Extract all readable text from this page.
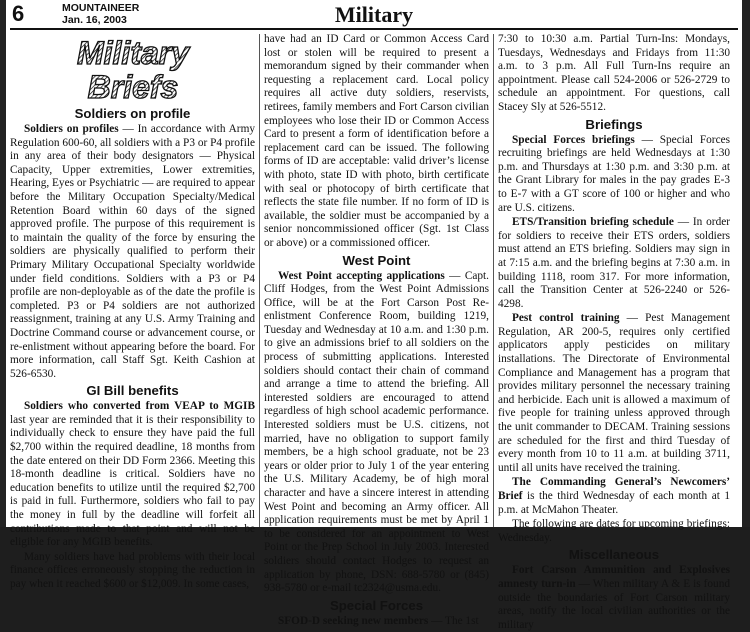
6	MOUNTAINEER
Jan. 16, 2003	Military
Military
Briefs
Soldiers on profile

Soldiers on profiles — In accordance with Army Regulation 600-60, all soldiers with a P3 or P4 profile in any area of their body designators — Physical Capacity, Upper extremities, Lower extremities, Hearing, Eyes or Psychiatric — are required to appear before the Military Occupation Specialty/Medical Retention Board within 60 days of the signed approved profile. The purpose of this requirement is to maintain the quality of the force by ensuring the soldiers are physically qualified to perform their Primary Military Occupational Specialty worldwide under field conditions. Soldiers with a P3 or P4 profile are non-deployable as of the date the profile is completed. P3 or P4 soldiers are not authorized reassignment, training at any U.S. Army Training and Doctrine Command course or advancement course, or re-enlistment without appearing before the board. For more information, call Staff Sgt. Keith Cashion at 526-6530.

GI Bill benefits

Soldiers who converted from VEAP to MGIB last year are reminded that it is their responsibility to individually check to ensure they have paid the full $2,700 within the required deadline, 18 months from the date entered on their DD Form 2366. Meeting this 18-month deadline is critical. Soldiers have no education benefits to utilize until the required $2,700 is paid in full. Furthermore, soldiers who fail to pay the money in full by the deadline will forfeit all contributions made to that point and will not be eligible for any MGIB benefits.

Many soldiers have had problems with their local finance offices erroneously stopping the reduction in pay when it reached $600 or $12,009. In some cases,

have had an ID Card or Common Access Card lost or stolen will be required to present a memorandum signed by their commander when requesting a replacement card. Local policy requires all active duty soldiers, reservists, retirees, family members and Fort Carson civilian employees who lose their ID or Common Access Card to present a form of identification before a replacement card can be issued. The following forms of ID are acceptable: valid driver’s license with photo, state ID with photo, birth certificate with seal or photocopy of birth certificate that reflects the state file number. If no form of ID is available, the soldier must be accompanied by a senior noncommissioned officer (Sgt. 1st Class or above) or a commissioned officer.

West Point

West Point accepting applications — Capt. Cliff Hodges, from the West Point Admissions Office, will be at the Fort Carson Post Re-enlistment Conference Room, building 1219, Tuesday and Wednesday at 10 a.m. and 1:30 p.m. to give an admissions brief to all soldiers on the process of submitting applications. Interested soldiers should contact their chain of command and arrange a time to attend the briefing. All interested soldiers are encouraged to attend regardless of high school academic performance. Interested soldiers must be U.S. citizens, not married, have no obligation to support family members, be a high school graduate, not be 23 years or older prior to July 1 of the year entering the U.S. Military Academy, be of high moral character and have a sincere interest in attending West Point and becoming an Army officer. All application requirements must be met by April 1 to be considered for an appointment to West Point or the Prep School in July 2003. Interested soldiers should contact Hodges to request an application by phone, DSN: 688-5780 or (845) 938-5780 or e-mail tc2324@usma.edu.

Special Forces

SFOD-D seeking new members — The 1st

7:30 to 10:30 a.m. Partial Turn-Ins: Mondays, Tuesdays, Wednesdays and Fridays from 11:30 a.m. to 3 p.m. All Full Turn-Ins require an appointment. Please call 524-2006 or 526-2729 to schedule an appointment. For questions, call Stacey Sly at 526-5512.

Briefings

Special Forces briefings — Special Forces recruiting briefings are held Wednesdays at 1:30 p.m. and Thursdays at 1:30 p.m. and 3:30 p.m. at the Grant Library for males in the pay grades E-3 to E-7 with a GT score of 100 or higher and who are U.S. citizens.

ETS/Transition briefing schedule — In order for soldiers to receive their ETS orders, soldiers must attend an ETS briefing. Soldiers may sign in at 7:15 a.m. and the briefing begins at 7:30 a.m. in building 1118, room 317. For more information, call the Transition Center at 526-2240 or 526-4298.

Pest control training — Pest Management Regulation, AR 200-5, requires only certified applicators apply pesticides on military installations. The Directorate of Environmental Compliance and Management has a program that provides military personnel the necessary training and herbicide. Each unit is allowed a maximum of five people for training unless approved through the unit commander to DECAM. Training sessions are scheduled for the first and third Tuesday of every month from 10 to 11 a.m. at building 3711, until all units have received the training.

The Commanding General’s Newcomers’ Brief is the third Wednesday of each month at 1 p.m. at McMahon Theater.

The following are dates for upcoming briefings: Wednesday.

Miscellaneous

Fort Carson Ammunition and Explosives amnesty turn-in — When military A & E is found outside the boundaries of Fort Carson military areas, notify the local civilian authorities or the military
